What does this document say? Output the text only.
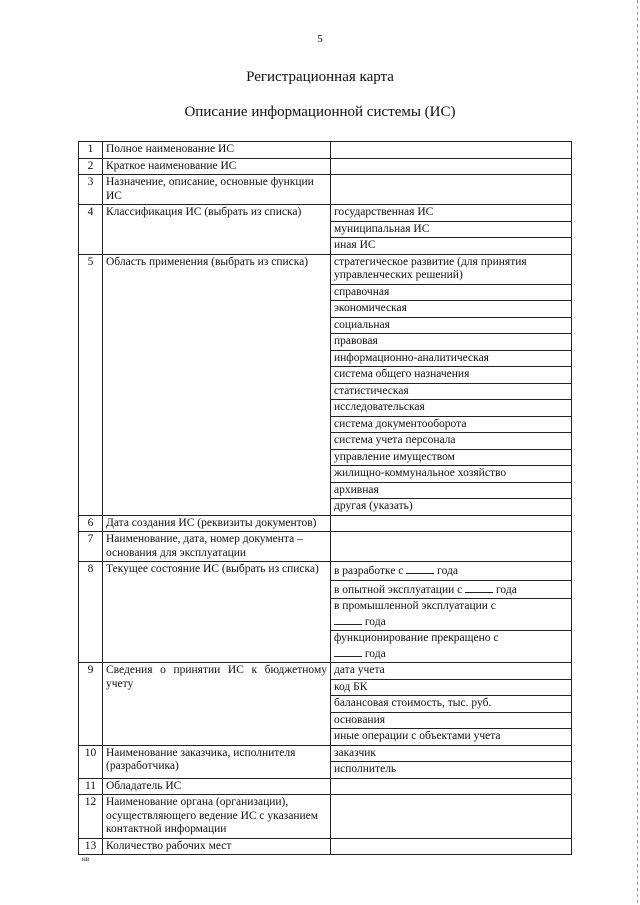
5
Регистрационная карта
Описание информационной системы (ИС)
1	Полное наименование ИС	
2	Краткое наименование ИС	
3	Назначение, описание, основные функции ИС	
4	Классификация ИС (выбрать из списка)	государственная ИС
		муниципальная ИС
		иная ИС
5	Область применения (выбрать из списка)	стратегическое развитие (для принятия управленческих решений)
		справочная
		экономическая
		социальная
		правовая
		информационно-аналитическая
		система общего назначения
		статистическая
		исследовательская
		система документооборота
		система учета персонала
		управление имуществом
		жилищно-коммунальное хозяйство
		архивная
		другая (указать)
6	Дата создания ИС (реквизиты документов)	
7	Наименование, дата, номер документа – основания для эксплуатации	
8	Текущее состояние ИС (выбрать из списка)	в разработке с года
		в опытной эксплуатации с года
		в промышленной эксплуатации с
года
		функционирование прекращено с
года
9	Сведения о принятии ИС к бюджетному учету	дата учета
		код БК
		балансовая стоимость, тыс. руб.
		основания
		иные операции с объектами учета
10	Наименование заказчика, исполнителя (разработчика)	заказчик
		исполнитель
11	Обладатель ИС	
12	Наименование органа (организации), осуществляющего ведение ИС с указанием контактной информации	
13	Количество рабочих мест	
нв
